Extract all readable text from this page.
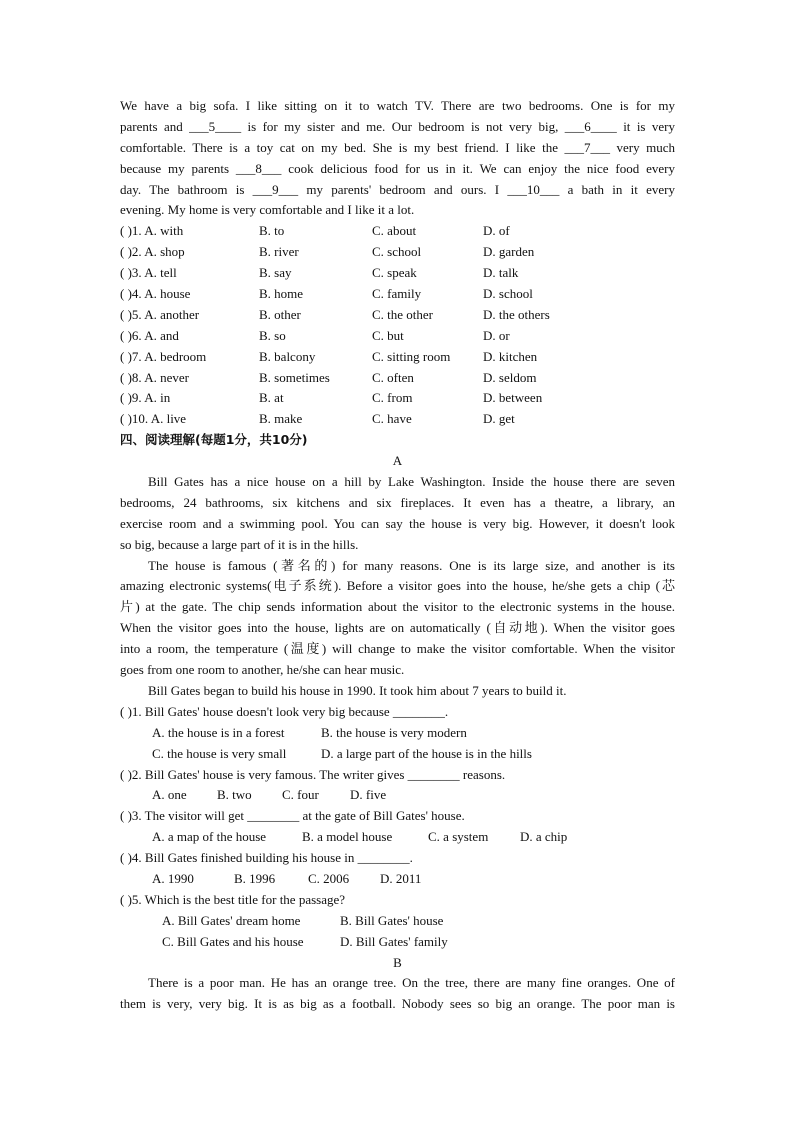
We have a big sofa. I like sitting on it to watch TV. There are two bedrooms. One is for my
parents and ___5____ is for my sister and me. Our bedroom is not very big, ___6____ it is very
comfortable. There is a toy cat on my bed. She is my best friend. I like the ___7___ very much
because my parents ___8___ cook delicious food for us in it. We can enjoy the nice food every
day. The bathroom is ___9___ my parents' bedroom and ours. I ___10___ a bath in it every
evening. My home is very comfortable and I like it a lot.
( )1. A. with	B. to	C. about	D. of
( )2. A. shop	B. river	C. school	D. garden
( )3. A. tell	B. say	C. speak	D. talk
( )4. A. house	B. home	C. family	D. school
( )5. A. another	B. other	C. the other	D. the others
( )6. A. and	B. so	C. but	D. or
( )7. A. bedroom	B. balcony	C. sitting room	D. kitchen
( )8. A. never	B. sometimes	C. often	D. seldom
( )9. A. in	B. at	C. from	D. between
( )10. A. live	B. make	C. have	D. get
四、阅读理解(每题1分，共10分)
A
Bill Gates has a nice house on a hill by Lake Washington. Inside the house there are seven
bedrooms, 24 bathrooms, six kitchens and six fireplaces. It even has a theatre, a library, an
exercise room and a swimming pool. You can say the house is very big. However, it doesn't look
so big, because a large part of it is in the hills.
The house is famous (著名的) for many reasons. One is its large size, and another is its
amazing electronic systems(电子系统). Before a visitor goes into the house, he/she gets a chip (芯
片) at the gate. The chip sends information about the visitor to the electronic systems in the house.
When the visitor goes into the house, lights are on automatically (自动地). When the visitor goes
into a room, the temperature (温度) will change to make the visitor comfortable. When the visitor
goes from one room to another, he/she can hear music.
Bill Gates began to build his house in 1990. It took him about 7 years to build it.
( )1. Bill Gates' house doesn't look very big because ________.
A. the house is in a forest	B. the house is very modern
C. the house is very small	D. a large part of the house is in the hills
( )2. Bill Gates' house is very famous. The writer gives ________ reasons.
A. one B. two C. four D. five
( )3. The visitor will get ________ at the gate of Bill Gates' house.
A. a map of the house	B. a model house	C. a system D. a chip
( )4. Bill Gates finished building his house in ________.
A. 1990	B. 1996	C. 2006 D. 2011
( )5. Which is the best title for the passage?
A. Bill Gates' dream home	B. Bill Gates' house
C. Bill Gates and his house	D. Bill Gates' family
B
There is a poor man. He has an orange tree. On the tree, there are many fine oranges. One of
them is very, very big. It is as big as a football. Nobody sees so big an orange. The poor man is
